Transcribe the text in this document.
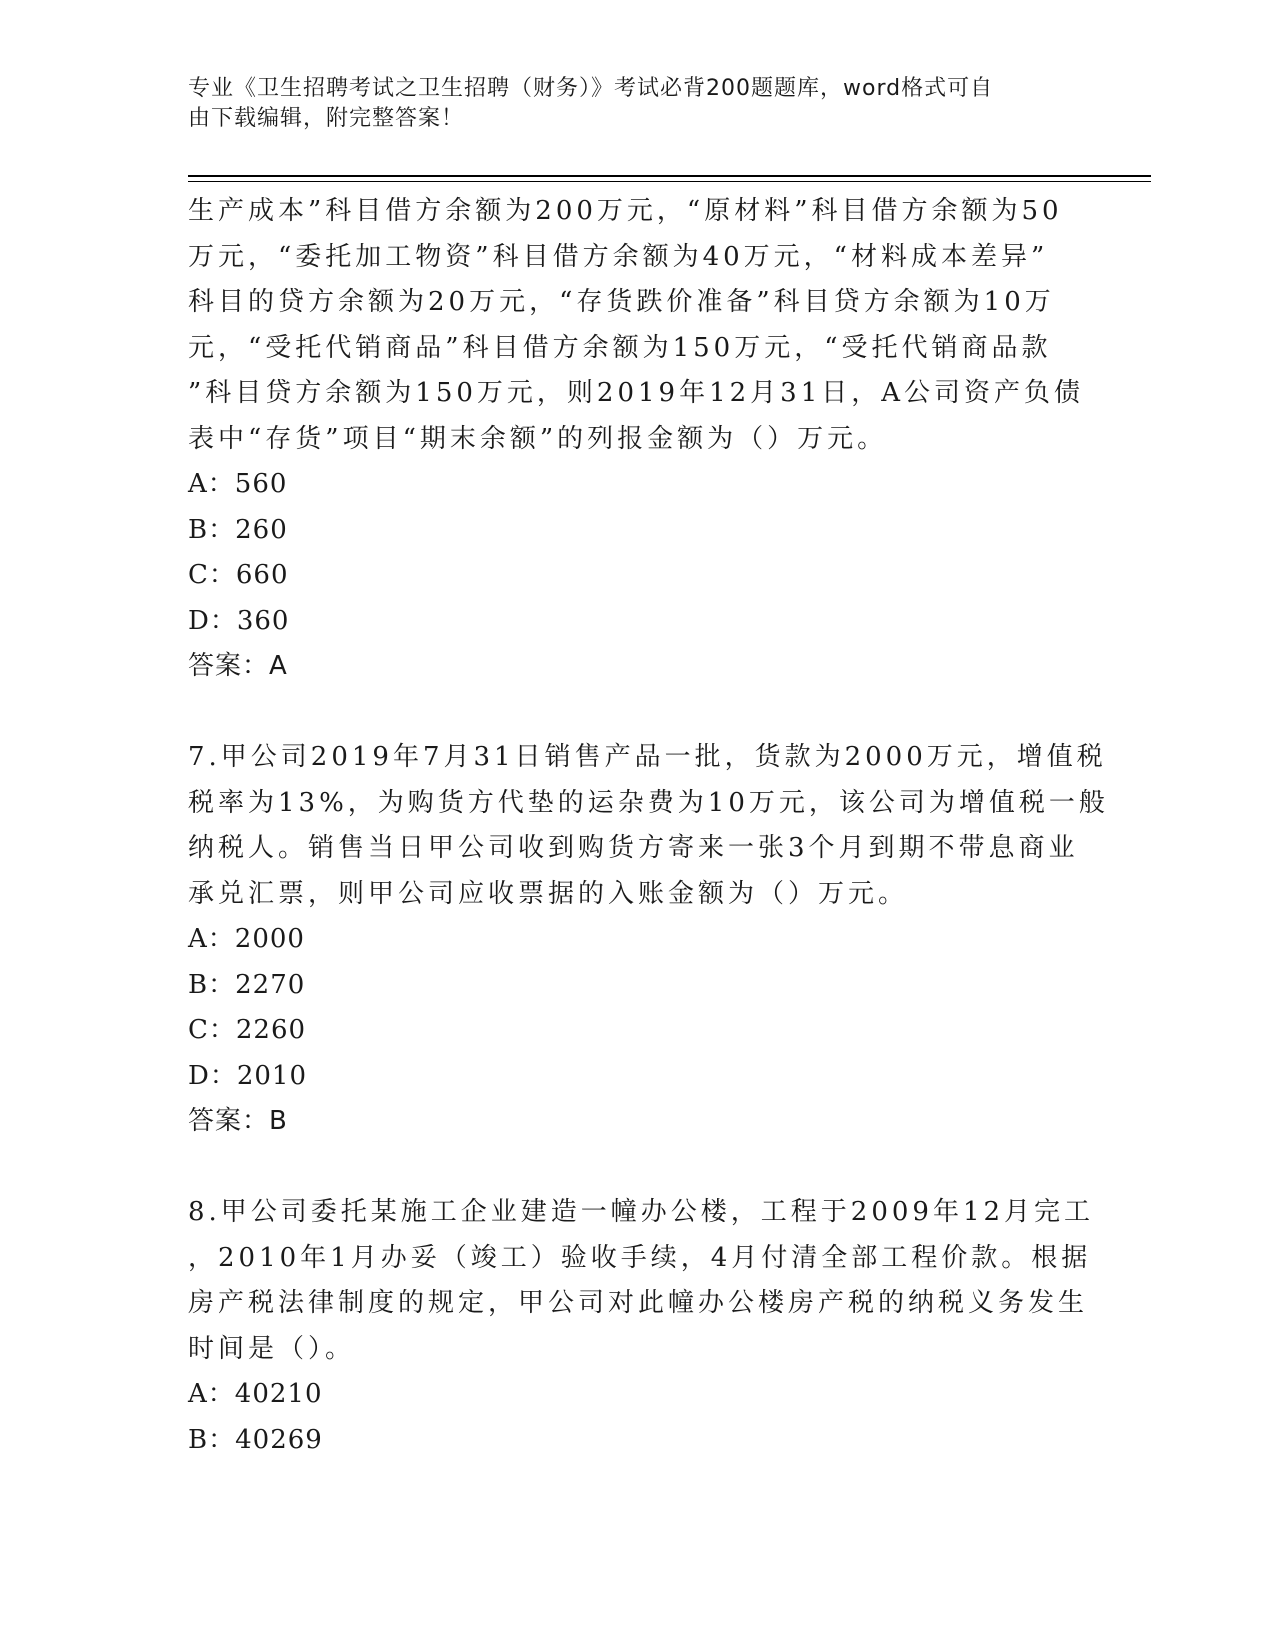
专业《卫生招聘考试之卫生招聘（财务）》考试必背200题题库，word格式可自
由下载编辑，附完整答案！

生产成本”科目借方余额为200万元，“原材料”科目借方余额为50

万元，“委托加工物资”科目借方余额为40万元，“材料成本差异”

科目的贷方余额为20万元，“存货跌价准备”科目贷方余额为10万

元，“受托代销商品”科目借方余额为150万元，“受托代销商品款

”科目贷方余额为150万元，则2019年12月31日，A公司资产负债

表中“存货”项目“期末余额”的列报金额为（）万元。

A：560

B：260

C：660

D：360

答案：A

7.甲公司2019年7月31日销售产品一批，货款为2000万元，增值税

税率为13%，为购货方代垫的运杂费为10万元，该公司为增值税一般

纳税人。销售当日甲公司收到购货方寄来一张3个月到期不带息商业

承兑汇票，则甲公司应收票据的入账金额为（）万元。

A：2000

B：2270

C：2260

D：2010

答案：B

8.甲公司委托某施工企业建造一幢办公楼，工程于2009年12月完工

，2010年1月办妥（竣工）验收手续，4月付清全部工程价款。根据

房产税法律制度的规定，甲公司对此幢办公楼房产税的纳税义务发生

时间是（）。

A：40210

B：40269
